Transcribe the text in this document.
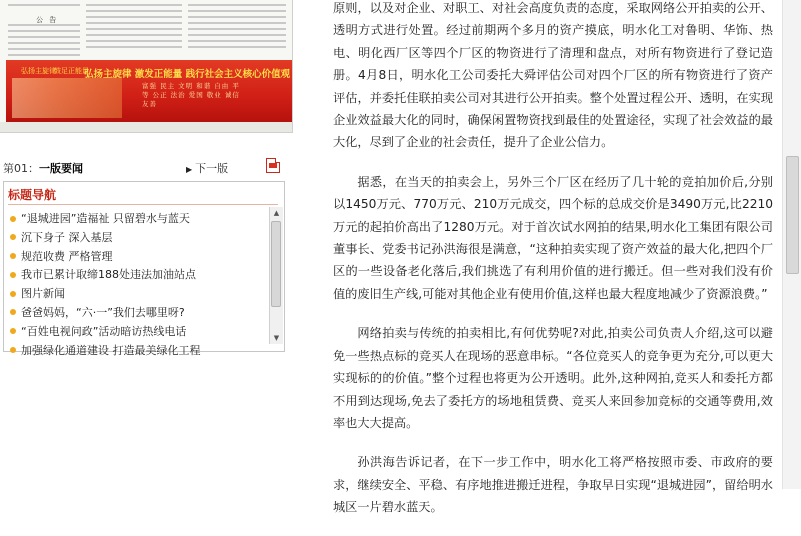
公 告
弘扬主旋律
鼓足正能量
弘扬主旋律 激发正能量 践行社会主义核心价值观
富强 民主 文明 和谐 自由 平等 公正 法治 爱国 敬业 诚信 友善
第01：一版要闻	▶ 下一版
标题导航
“退城进园”造福祉 只留碧水与蓝天
沉下身子 深入基层
规范收费 严格管理
我市已累计取缔188处违法加油站点
图片新闻
爸爸妈妈，“六·一”我们去哪里呀?
“百姓电视问政”活动暗访热线电话
加强绿化通道建设 打造最美绿化工程
▲
▼

原则，以及对企业、对职工、对社会高度负责的态度，采取网络公开拍卖的公开、透明方式进行处置。经过前期两个多月的资产摸底，明水化工对鲁明、华饰、热电、明化西厂区等四个厂区的物资进行了清理和盘点，对所有物资进行了登记造册。4月8日，明水化工公司委托大舜评估公司对四个厂区的所有物资进行了资产评估，并委托佳联拍卖公司对其进行公开拍卖。整个处置过程公开、透明，在实现企业效益最大化的同时，确保闲置物资找到最佳的处置途径，实现了社会效益的最大化，尽到了企业的社会责任，提升了企业公信力。

据悉，在当天的拍卖会上，另外三个厂区在经历了几十轮的竞拍加价后,分别以1450万元、770万元、210万元成交，四个标的总成交价是3490万元,比2210万元的起拍价高出了1280万元。对于首次试水网拍的结果,明水化工集团有限公司董事长、党委书记孙洪海很是满意，“这种拍卖实现了资产效益的最大化,把四个厂区的一些设备老化落后,我们挑选了有利用价值的进行搬迁。但一些对我们没有价值的废旧生产线,可能对其他企业有使用价值,这样也最大程度地减少了资源浪费。”

网络拍卖与传统的拍卖相比,有何优势呢?对此,拍卖公司负责人介绍,这可以避免一些热点标的竞买人在现场的恶意串标。“各位竞买人的竞争更为充分,可以更大实现标的的价值。”整个过程也将更为公开透明。此外,这种网拍,竞买人和委托方都不用到达现场,免去了委托方的场地租赁费、竞买人来回参加竞标的交通等费用,效率也大大提高。

孙洪海告诉记者，在下一步工作中，明水化工将严格按照市委、市政府的要求，继续安全、平稳、有序地推进搬迁进程，争取早日实现“退城进园”，留给明水城区一片碧水蓝天。
